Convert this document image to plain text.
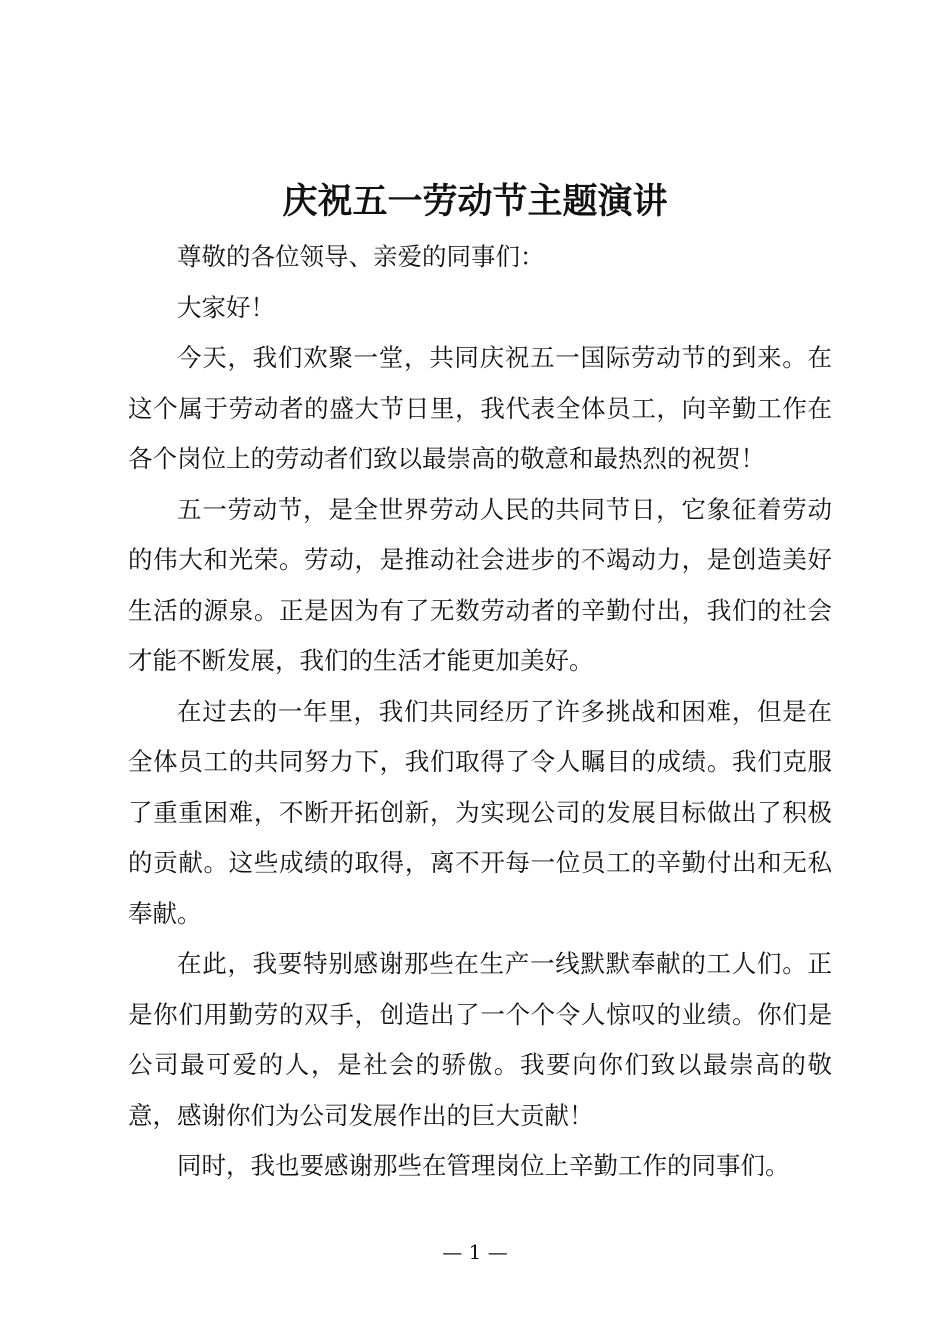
庆祝五一劳动节主题演讲

尊敬的各位领导、亲爱的同事们：

大家好！

今天，我们欢聚一堂，共同庆祝五一国际劳动节的到来。在这个属于劳动者的盛大节日里，我代表全体员工，向辛勤工作在各个岗位上的劳动者们致以最崇高的敬意和最热烈的祝贺！

五一劳动节，是全世界劳动人民的共同节日，它象征着劳动的伟大和光荣。劳动，是推动社会进步的不竭动力，是创造美好生活的源泉。正是因为有了无数劳动者的辛勤付出，我们的社会才能不断发展，我们的生活才能更加美好。

在过去的一年里，我们共同经历了许多挑战和困难，但是在全体员工的共同努力下，我们取得了令人瞩目的成绩。我们克服了重重困难，不断开拓创新，为实现公司的发展目标做出了积极的贡献。这些成绩的取得，离不开每一位员工的辛勤付出和无私奉献。

在此，我要特别感谢那些在生产一线默默奉献的工人们。正是你们用勤劳的双手，创造出了一个个令人惊叹的业绩。你们是公司最可爱的人，是社会的骄傲。我要向你们致以最崇高的敬意，感谢你们为公司发展作出的巨大贡献！

同时，我也要感谢那些在管理岗位上辛勤工作的同事们。

— 1 —
